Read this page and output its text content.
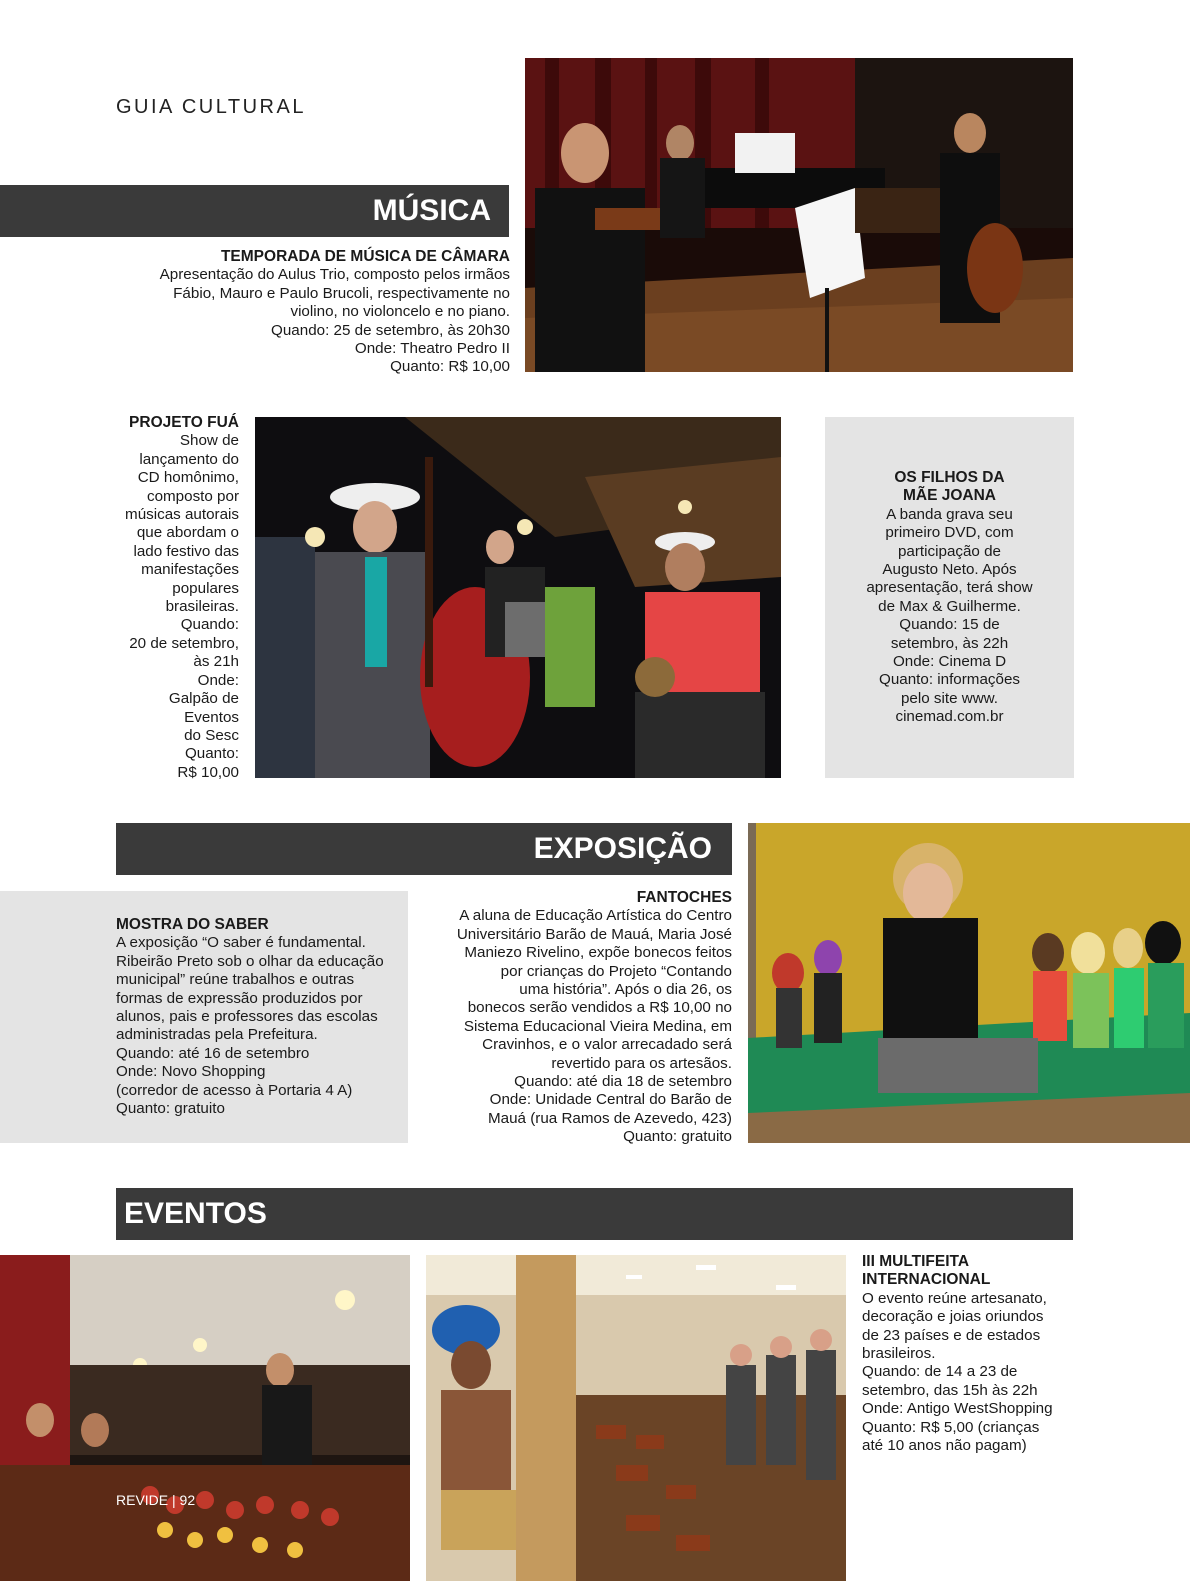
GUIA CULTURAL
MÚSICA

TEMPORADA DE MÚSICA DE CÂMARA

Apresentação do Aulus Trio, composto pelos irmãos

Fábio, Mauro e Paulo Brucoli, respectivamente no

violino, no violoncelo e no piano.

Quando: 25 de setembro, às 20h30

Onde: Theatro Pedro II

Quanto: R$ 10,00

PROJETO FUÁ

Show de

lançamento do

CD homônimo,

composto por

músicas autorais

que abordam o

lado festivo das

manifestações

populares

brasileiras.

Quando:

20 de setembro,

às 21h

Onde:

Galpão de

Eventos

do Sesc

Quanto:

R$ 10,00

OS FILHOS DA

MÃE JOANA

A banda grava seu

primeiro DVD, com

participação de

Augusto Neto. Após

apresentação, terá show

de Max & Guilherme.

Quando: 15 de

setembro, às 22h

Onde: Cinema D

Quanto: informações

pelo site www.

cinemad.com.br

EXPOSIÇÃO

MOSTRA DO SABER

A exposição “O saber é fundamental.

Ribeirão Preto sob o olhar da educação

municipal” reúne trabalhos e outras

formas de expressão produzidos por

alunos, pais e professores das escolas

administradas pela Prefeitura.

Quando: até 16 de setembro

Onde: Novo Shopping

(corredor de acesso à Portaria 4 A)

Quanto: gratuito

FANTOCHES

A aluna de Educação Artística do Centro

Universitário Barão de Mauá, Maria José

Maniezo Rivelino, expõe bonecos feitos

por crianças do Projeto “Contando

uma história”. Após o dia 26, os

bonecos serão vendidos a R$ 10,00 no

Sistema Educacional Vieira Medina, em

Cravinhos, e o valor arrecadado será

revertido para os artesãos.

Quando: até dia 18 de setembro

Onde: Unidade Central do Barão de

Mauá (rua Ramos de Azevedo, 423)

Quanto: gratuito

EVENTOS
REVIDE | 92

III MULTIFEITA

INTERNACIONAL

O evento reúne artesanato,

decoração e joias oriundos

de 23 países e de estados

brasileiros.

Quando: de 14 a 23 de

setembro, das 15h às 22h

Onde: Antigo WestShopping

Quanto: R$ 5,00 (crianças

até 10 anos não pagam)
